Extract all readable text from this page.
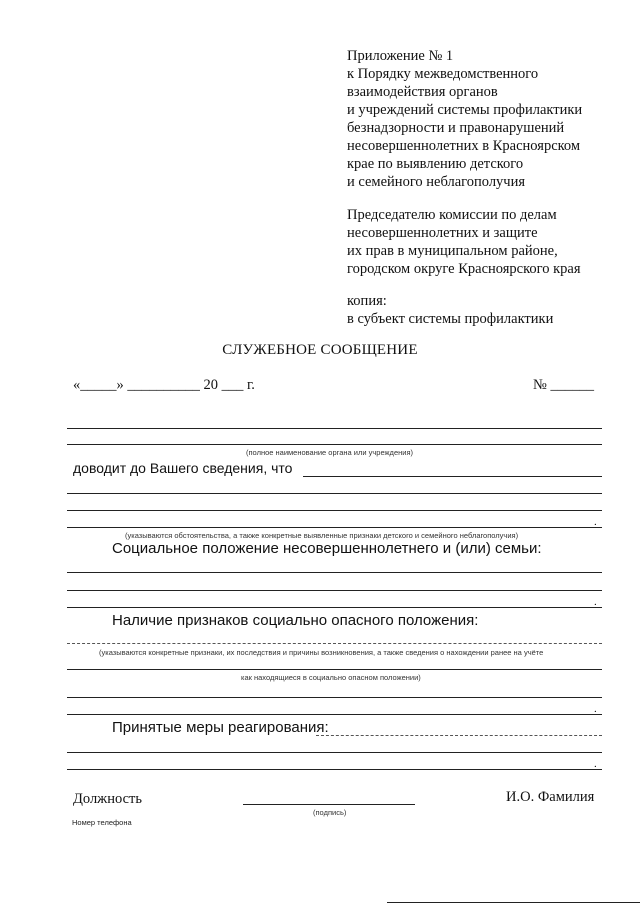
Приложение № 1
к Порядку межведомственного
взаимодействия органов
и учреждений системы профилактики
безнадзорности и правонарушений
несовершеннолетних в Красноярском
крае по выявлению детского
и семейного неблагополучия
Председателю комиссии по делам
несовершеннолетних и защите
их прав в муниципальном районе,
городском округе Красноярского края
копия:
в субъект системы профилактики
СЛУЖЕБНОЕ СООБЩЕНИЕ
«_____» __________ 20 ___ г.	№ ______
(полное наименование органа или учреждения)
доводит до Вашего сведения, что
.
(указываются обстоятельства, а также конкретные выявленные признаки детского и семейного неблагополучия)
Социальное положение несовершеннолетнего и (или) семьи:
.
Наличие признаков социально опасного положения:
(указываются конкретные признаки, их последствия и причины возникновения, а также сведения о нахождении ранее на учёте
как находящиеся в социально опасном положении)
.
Принятые меры реагирования:
.
Должность
(подпись)
И.О. Фамилия
Номер телефона
